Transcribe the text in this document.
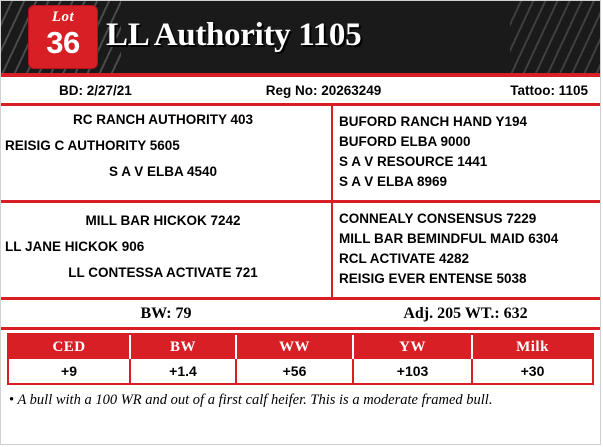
Lot
36 LL Authority 1105
BD: 2/27/21	Reg No: 20263249	Tattoo: 1105
RC RANCH AUTHORITY 403
REISIG C AUTHORITY 5605
S A V ELBA 4540
BUFORD RANCH HAND Y194
BUFORD ELBA 9000
S A V RESOURCE 1441
S A V ELBA 8969
MILL BAR HICKOK 7242
LL JANE HICKOK 906
LL CONTESSA ACTIVATE 721
CONNEALY CONSENSUS 7229
MILL BAR BEMINDFUL MAID 6304
RCL ACTIVATE 4282
REISIG EVER ENTENSE 5038
BW: 79	Adj. 205 WT.: 632
CED	BW	WW	YW	Milk
+9	+1.4	+56	+103	+30
• A bull with a 100 WR and out of a first calf heifer. This is a moderate framed bull.
